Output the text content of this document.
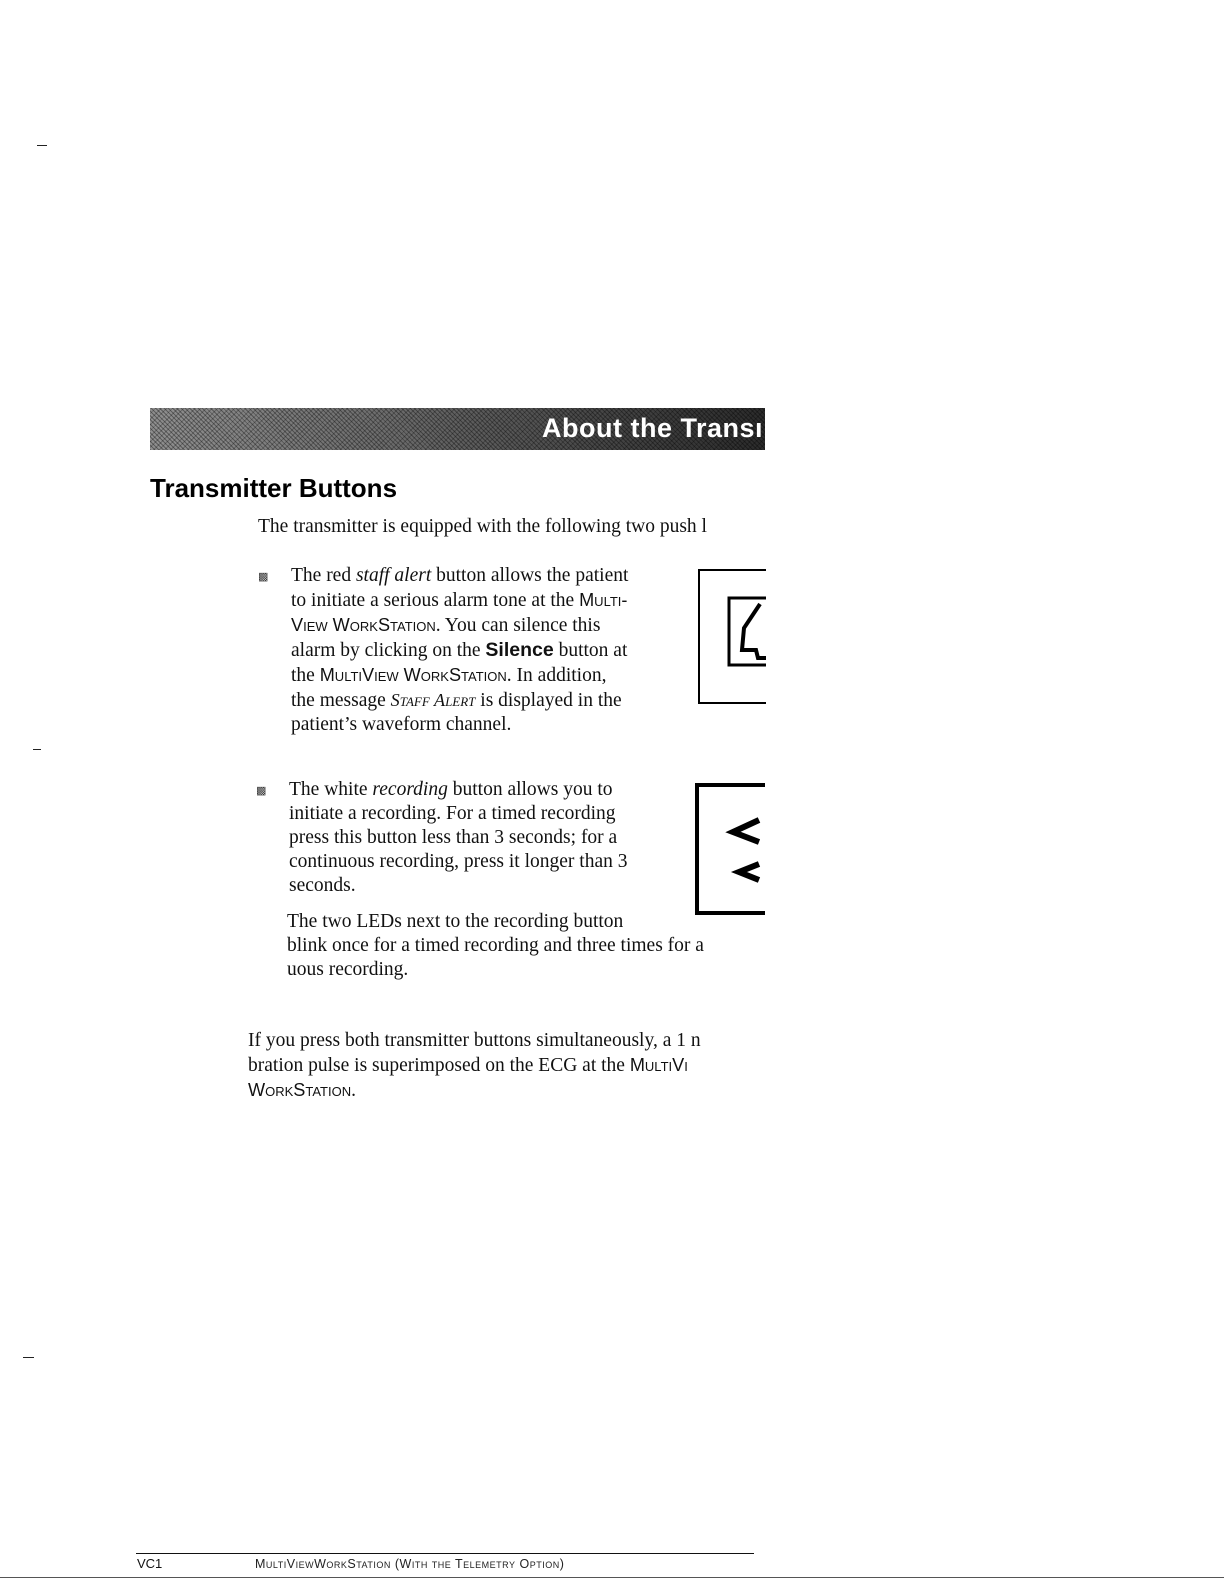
About the Transı
Transmitter Buttons
The transmitter is equipped with the following two push l
▩ The red staff alert button allows the patient
to initiate a serious alarm tone at the Multi-
View WorkStation. You can silence this
alarm by clicking on the Silence button at
the MultiView WorkStation. In addition,
the message Staff Alert is displayed in the
patient’s waveform channel.
▩ The white recording button allows you to
initiate a recording. For a timed recording
press this button less than 3 seconds; for a
continuous recording, press it longer than 3
seconds.
The two LEDs next to the recording button
blink once for a timed recording and three times for a
uous recording.
If you press both transmitter buttons simultaneously, a 1 n
bration pulse is superimposed on the ECG at the MultiVi
WorkStation.
VC1	MultiViewWorkStation (With the Telemetry Option)
